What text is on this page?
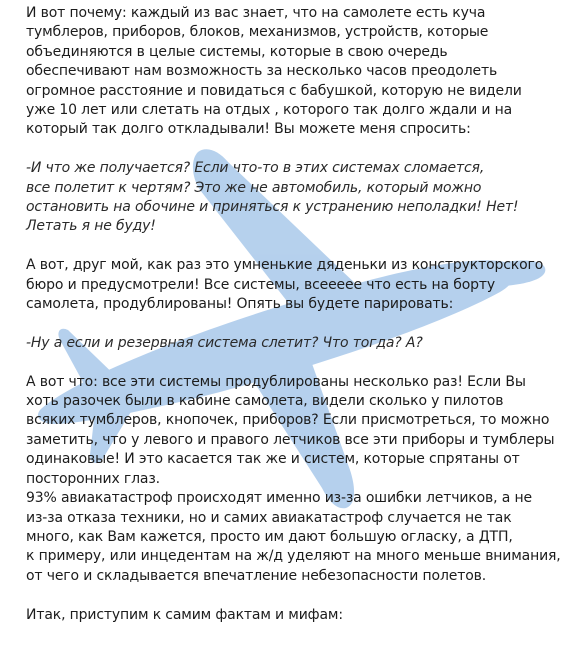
И вот почему: каждый из вас знает, что на самолете есть куча
тумблеров, приборов, блоков, механизмов, устройств, которые
объединяются в целые системы, которые в свою очередь
обеспечивают нам возможность за несколько часов преодолеть
огромное расстояние и повидаться с бабушкой, которую не видели
уже 10 лет или слетать на отдых , которого так долго ждали и на
который так долго откладывали! Вы можете меня спросить:

-И что же получается? Если что-то в этих системах сломается,
все полетит к чертям? Это же не автомобиль, который можно
остановить на обочине и приняться к устранению неполадки! Нет!
Летать я не буду!

А вот, друг мой, как раз это умненькие дяденьки из конструкторского
бюро и предусмотрели! Все системы, всееееe что есть на борту
самолета, продублированы! Опять вы будете парировать:

-Ну а если и резервная система слетит? Что тогда? А?

А вот что: все эти системы продублированы несколько раз! Если Вы
хоть разочек были в кабине самолета, видели сколько у пилотов
всяких тумблеров, кнопочек, приборов? Если присмотреться, то можно
заметить, что у левого и правого летчиков все эти приборы и тумблеры
одинаковые! И это касается так же и систем, которые спрятаны от
посторонних глаз.

93% авиакатастроф происходят именно из-за ошибки летчиков, а не
из-за отказа техники, но и самих авиакатастроф случается не так
много, как Вам кажется, просто им дают большую огласку, а ДТП,
к примеру, или инцедентам на ж/д уделяют на много меньше внимания,
от чего и складывается впечатление небезопасности полетов.

Итак, приступим к самим фактам и мифам:
